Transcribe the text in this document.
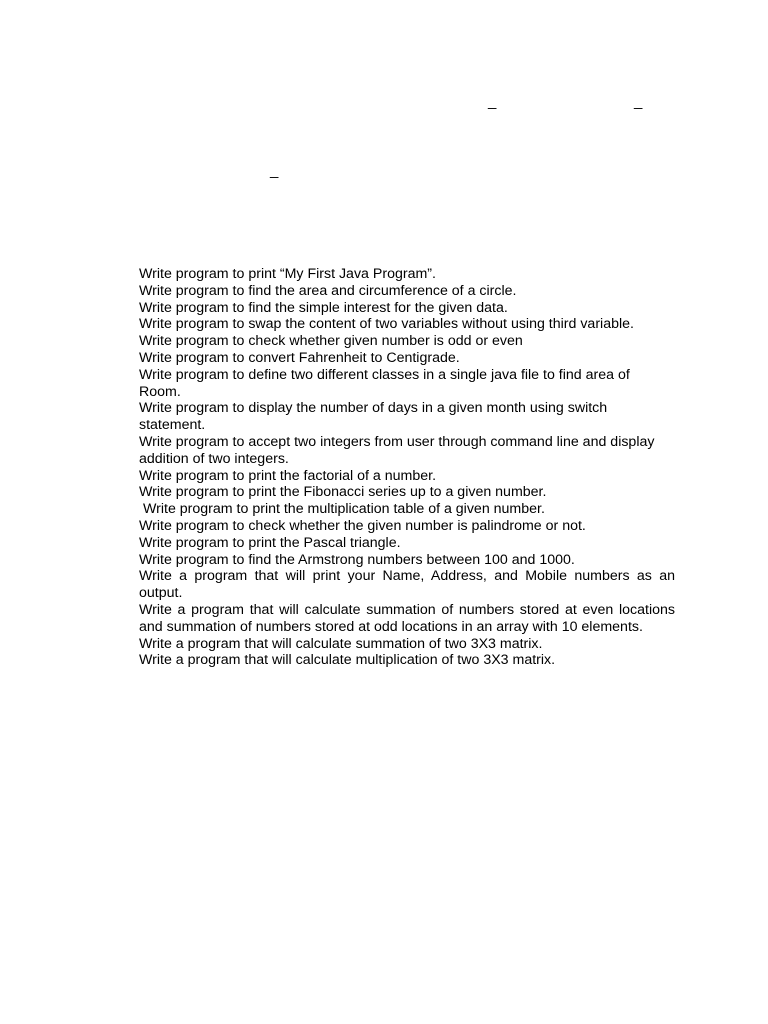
_	_
_
Write program to print “My First Java Program”.
Write program to find the area and circumference of a circle.
Write program to find the simple interest for the given data.
Write program to swap the content of two variables without using third variable.
Write program to check whether given number is odd or even
Write program to convert Fahrenheit to Centigrade.
Write program to define two different classes in a single java file to find area of Room.
Write program to display the number of days in a given month using switch statement.
Write program to accept two integers from user through command line and display addition of two integers.
Write program to print the factorial of a number.
Write program to print the Fibonacci series up to a given number.
Write program to print the multiplication table of a given number.
Write program to check whether the given number is palindrome or not.
Write program to print the Pascal triangle.
Write program to find the Armstrong numbers between 100 and 1000.
Write a program that will print your Name, Address, and Mobile numbers as an output.
Write a program that will calculate summation of numbers stored at even locations and summation of numbers stored at odd locations in an array with 10 elements.
Write a program that will calculate summation of two 3X3 matrix.
Write a program that will calculate multiplication of two 3X3 matrix.
